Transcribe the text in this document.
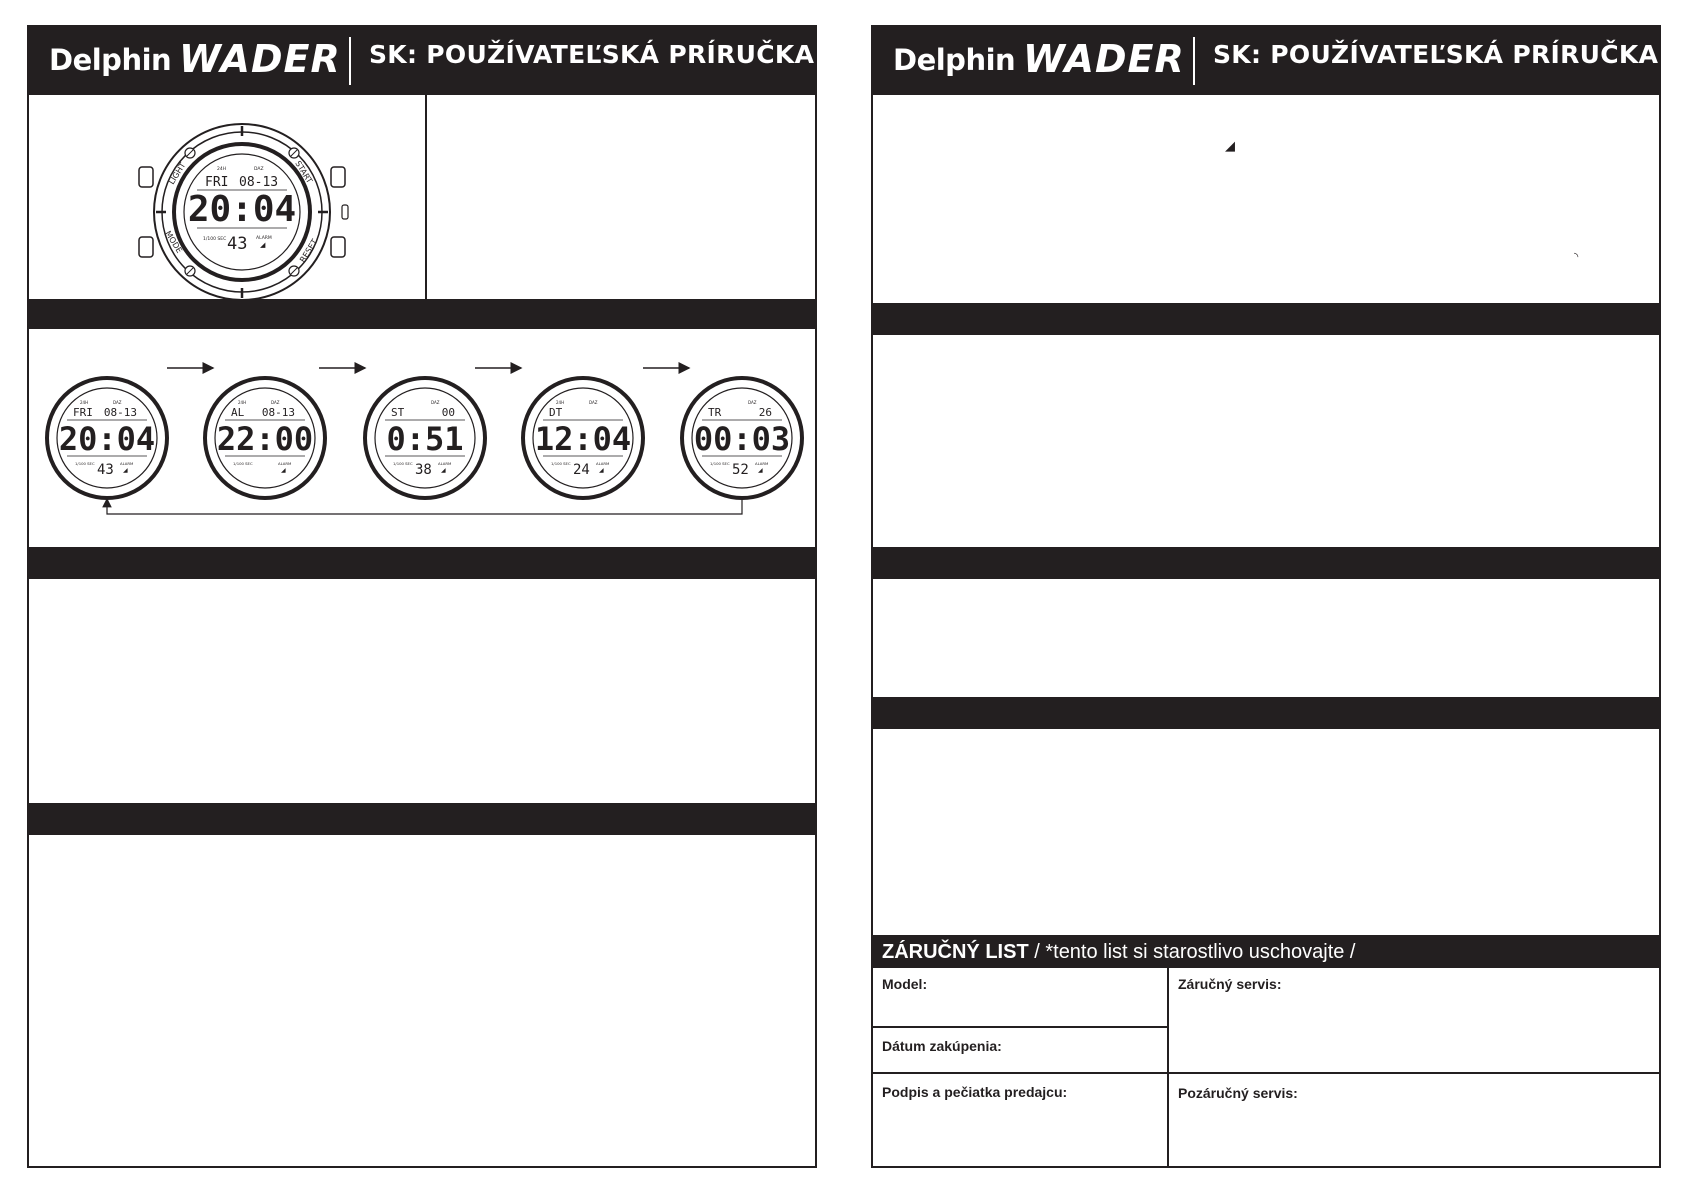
Delphin WADER SK: POUŽÍVATEĽSKÁ PRÍRUČKA
LIGHT	START
MODE	RESET
24H	DAZ
FRI 08-13
20:04
1/100 SEC 43 ALARM
◢
24H	DAZ
FRI 08-13
20:04
1/100 SEC 43 ALARM
◢
24H	DAZ
AL 08-13
22:00
1/100 SEC	ALARM
◢
DAZ
ST	00
0:51
1/100 SEC 38 ALARM
◢
24H	DAZ
DT
12:04
1/100 SEC 24 ALARM
◢
DAZ
TR	26
00:03
1/100 SEC 52 ALARM
◢
Delphin WADER SK: POUŽÍVATEĽSKÁ PRÍRUČKA
◢
◝
ZÁRUČNÝ LIST / *tento list si starostlivo uschovajte /
Model:
Dátum zakúpenia:
Podpis a pečiatka predajcu:
Záručný servis:
Pozáručný servis:
